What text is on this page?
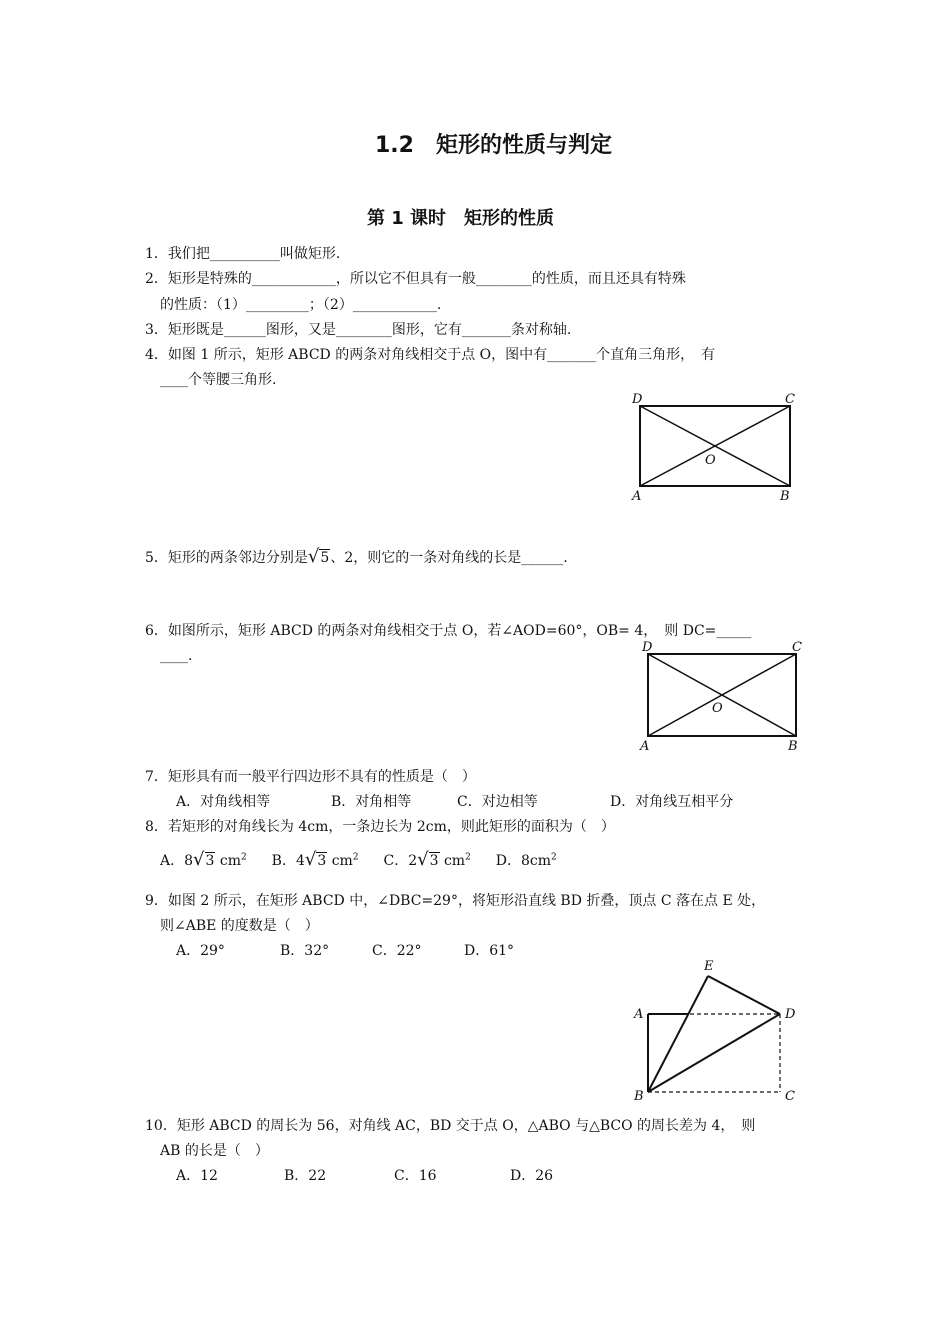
1.2　矩形的性质与判定
第 1 课时　矩形的性质
1．我们把__________叫做矩形.
2．矩形是特殊的____________，所以它不但具有一般________的性质，而且还具有特殊
的性质：（1）_________；（2）____________.
3．矩形既是______图形，又是________图形，它有_______条对称轴.
4．如图 1 所示，矩形 ABCD 的两条对角线相交于点 O，图中有_______个直角三角形，　有
____个等腰三角形.
D	C
O
A	B
5．矩形的两条邻边分别是√5、2，则它的一条对角线的长是______.
6．如图所示，矩形 ABCD 的两条对角线相交于点 O，若∠AOD=60°，OB= 4，　则 DC=_____
____.
D	C
O
A	B
7．矩形具有而一般平行四边形不具有的性质是（　）
A．对角线相等	B．对角相等	C．对边相等	D．对角线互相平分
8．若矩形的对角线长为 4cm，一条边长为 2cm，则此矩形的面积为（　）
A．8√3 $cm^2$ B．4√3 $cm^2$ C．2√3 $cm^2$ D．$8cm^2$
9．如图 2 所示，在矩形 ABCD 中，∠DBC=29°，将矩形沿直线 BD 折叠，顶点 C 落在点 E 处，
则∠ABE 的度数是（　）
A．29°	B．32°	C．22°	D．61°
E
A	D
B	C
10．矩形 ABCD 的周长为 56，对角线 AC，BD 交于点 O，△ABO 与△BCO 的周长差为 4，　则
AB 的长是（　）
A．12	B．22	C．16	D．26
